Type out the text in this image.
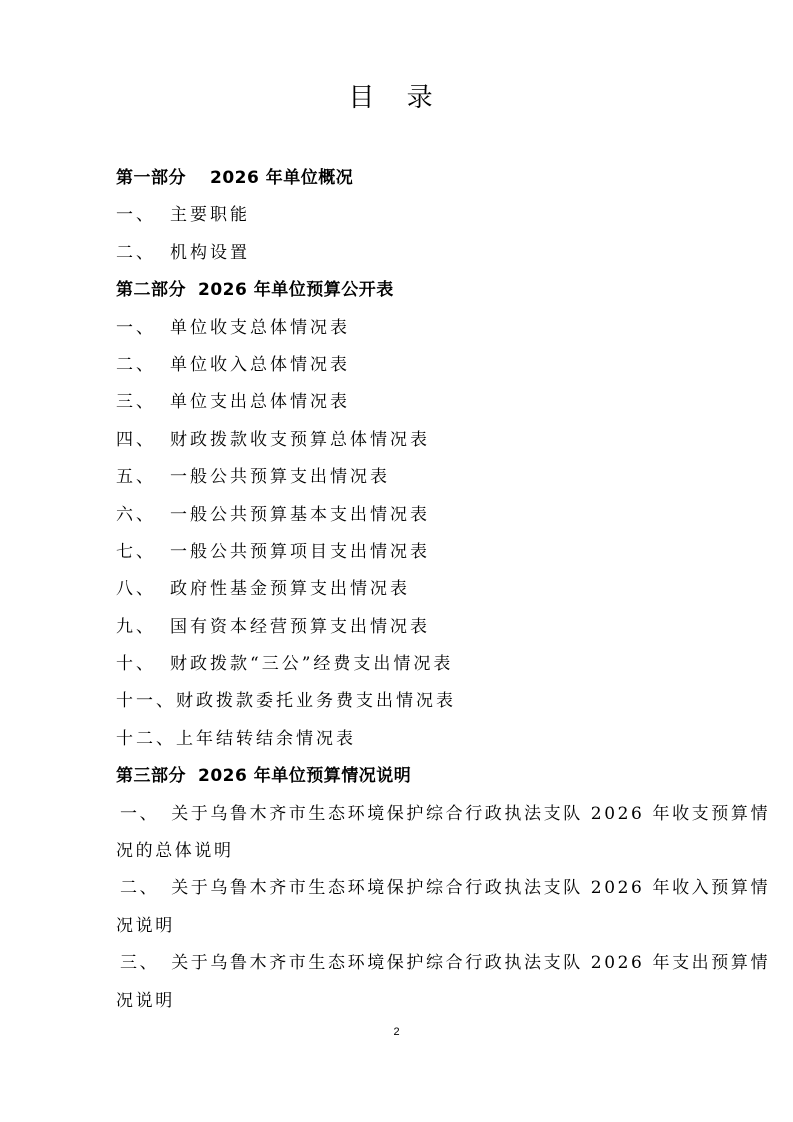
目 录
第一部分 2026 年单位概况
一、 主要职能
二、 机构设置
第二部分 2026 年单位预算公开表
一、 单位收支总体情况表
二、 单位收入总体情况表
三、 单位支出总体情况表
四、 财政拨款收支预算总体情况表
五、 一般公共预算支出情况表
六、 一般公共预算基本支出情况表
七、 一般公共预算项目支出情况表
八、 政府性基金预算支出情况表
九、 国有资本经营预算支出情况表
十、 财政拨款“三公”经费支出情况表
十一、财政拨款委托业务费支出情况表
十二、上年结转结余情况表
第三部分 2026 年单位预算情况说明
一、 关于乌鲁木齐市生态环境保护综合行政执法支队 2026 年收支预算情
况的总体说明
二、 关于乌鲁木齐市生态环境保护综合行政执法支队 2026 年收入预算情
况说明
三、 关于乌鲁木齐市生态环境保护综合行政执法支队 2026 年支出预算情
况说明
2
